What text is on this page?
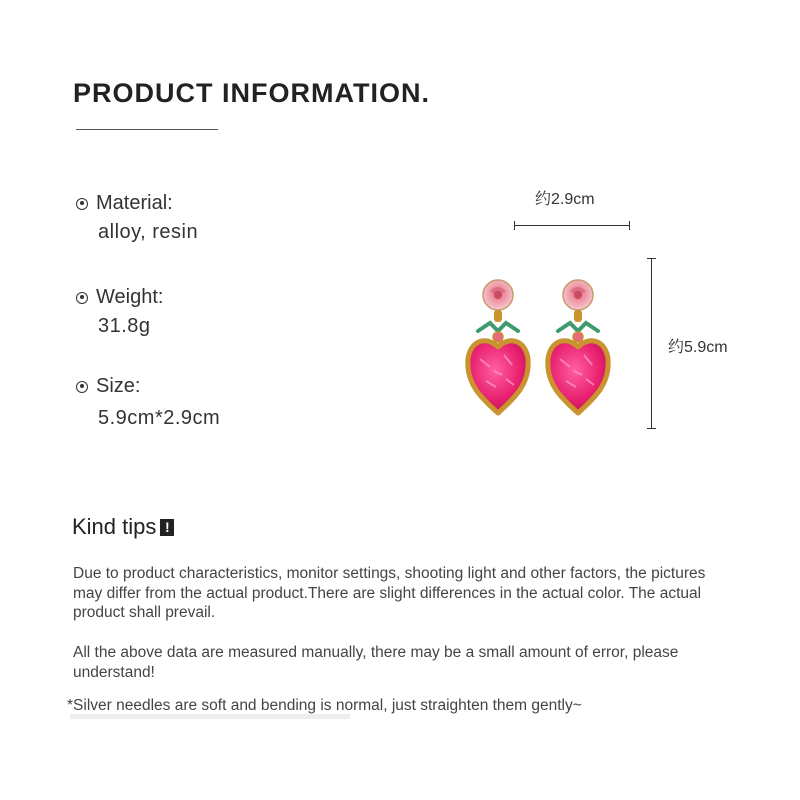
PRODUCT INFORMATION.
Material:
alloy, resin
Weight:
31.8g
Size:
5.9cm*2.9cm
约2.9cm
约5.9cm
Kind tips !
Due to product characteristics, monitor settings, shooting light and other factors, the pictures may differ from the actual product.There are slight differences in the actual color. The actual product shall prevail.
All the above data are measured manually, there may be a small amount of error, please understand!
*Silver needles are soft and bending is normal, just straighten them gently~
